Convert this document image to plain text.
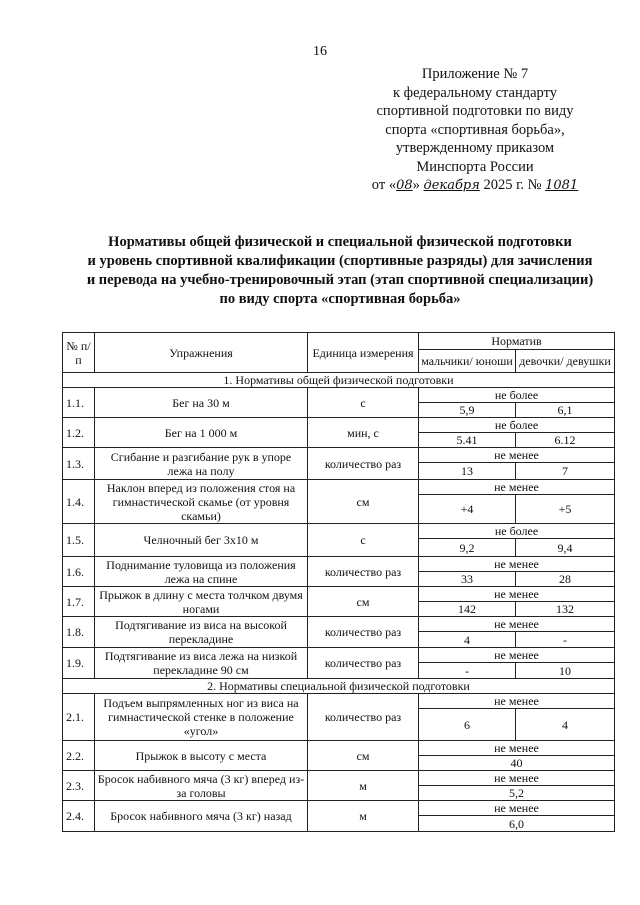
16
Приложение № 7
к федеральному стандарту
спортивной подготовки по виду
спорта «спортивная борьба»,
утвержденному приказом
Минспорта России
от «08» декабря 2025 г. № 1081
Нормативы общей физической и специальной физической подготовки
и уровень спортивной квалификации (спортивные разряды) для зачисления
и перевода на учебно-тренировочный этап (этап спортивной специализации)
по виду спорта «спортивная борьба»
№ п/п	Упражнения	Единица измерения	Норматив	
			мальчики/ юноши	девочки/ девушки
1. Нормативы общей физической подготовки				
1.1.	Бег на 30 м	с	не более	
			5,9	6,1
1.2.	Бег на 1 000 м	мин, с	не более	
			5.41	6.12
1.3.	Сгибание и разгибание рук в упоре лежа на полу	количество раз	не менее	
			13	7
1.4.	Наклон вперед из положения стоя на гимнастической скамье (от уровня скамьи)	см	не менее	
			+4	+5
1.5.	Челночный бег 3х10 м	с	не более	
			9,2	9,4
1.6.	Поднимание туловища из положения лежа на спине	количество раз	не менее	
			33	28
1.7.	Прыжок в длину с места толчком двумя ногами	см	не менее	
			142	132
1.8.	Подтягивание из виса на высокой перекладине	количество раз	не менее	
			4	-
1.9.	Подтягивание из виса лежа на низкой перекладине 90 см	количество раз	не менее	
			-	10
2. Нормативы специальной физической подготовки				
2.1.	Подъем выпрямленных ног из виса на гимнастической стенке в положение «угол»	количество раз	не менее	
			6	4
2.2.	Прыжок в высоту с места	см	не менее	
			40	
2.3.	Бросок набивного мяча (3 кг) вперед из-за головы	м	не менее	
			5,2	
2.4.	Бросок набивного мяча (3 кг) назад	м	не менее	
			6,0	
